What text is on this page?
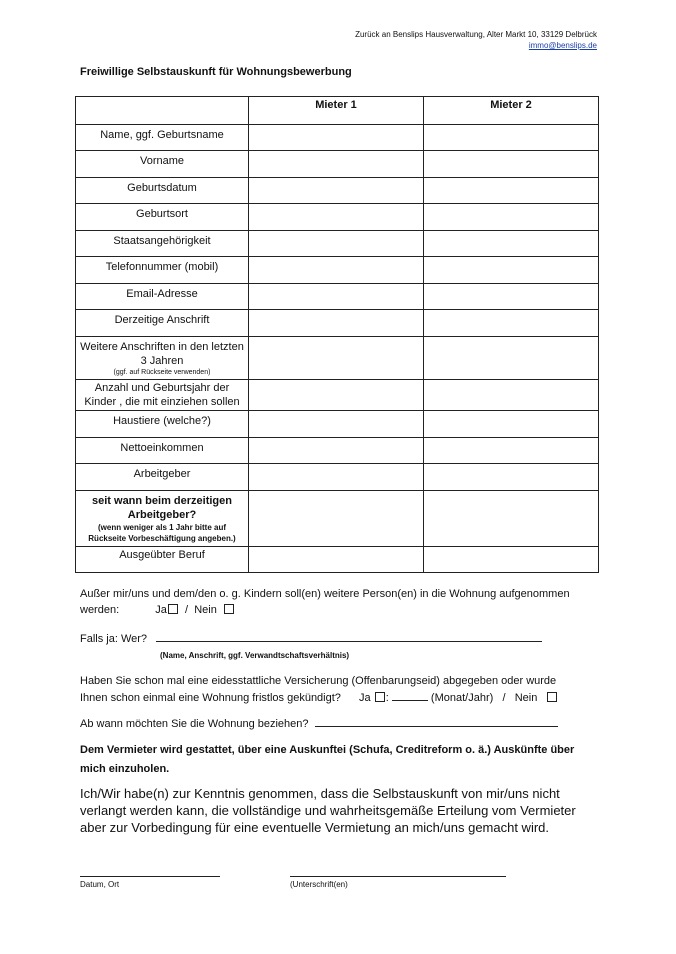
Zurück an Benslips Hausverwaltung, Alter Markt 10, 33129 Delbrück
immo@benslips.de
Freiwillige Selbstauskunft für Wohnungsbewerbung
	Mieter 1	Mieter 2
Name, ggf. Geburtsname		
Vorname		
Geburtsdatum		
Geburtsort		
Staatsangehörigkeit		
Telefonnummer (mobil)		
Email-Adresse		
Derzeitige Anschrift		
Weitere Anschriften in den letzten 3 Jahren
(ggf. auf Rückseite verwenden)		

Anzahl und Geburtsjahr der Kinder , die mit einziehen sollen		
Haustiere (welche?)		
Nettoeinkommen		
Arbeitgeber		
seit wann beim derzeitigen Arbeitgeber?
(wenn weniger als 1 Jahr bitte auf Rückseite Vorbeschäftigung angeben.)		

Ausgeübter Beruf		
Außer mir/uns und dem/den o. g. Kindern soll(en) weitere Person(en) in die Wohnung aufgenommen werden:	Ja / Nein
Falls ja: Wer?
(Name, Anschrift, ggf. Verwandtschaftsverhältnis)
Haben Sie schon mal eine eidesstattliche Versicherung (Offenbarungseid) abgegeben oder wurde
Ihnen schon einmal eine Wohnung fristlos gekündigt? Ja :	(Monat/Jahr) / Nein
Ab wann möchten Sie die Wohnung beziehen?
Dem Vermieter wird gestattet, über eine Auskunftei (Schufa, Creditreform o. ä.) Auskünfte über mich einzuholen.
Ich/Wir habe(n) zur Kenntnis genommen, dass die Selbstauskunft von mir/uns nicht verlangt werden kann, die vollständige und wahrheitsgemäße Erteilung vom Vermieter aber zur Vorbedingung für eine eventuelle Vermietung an mich/uns gemacht wird.
Datum, Ort	(Unterschrift(en)
